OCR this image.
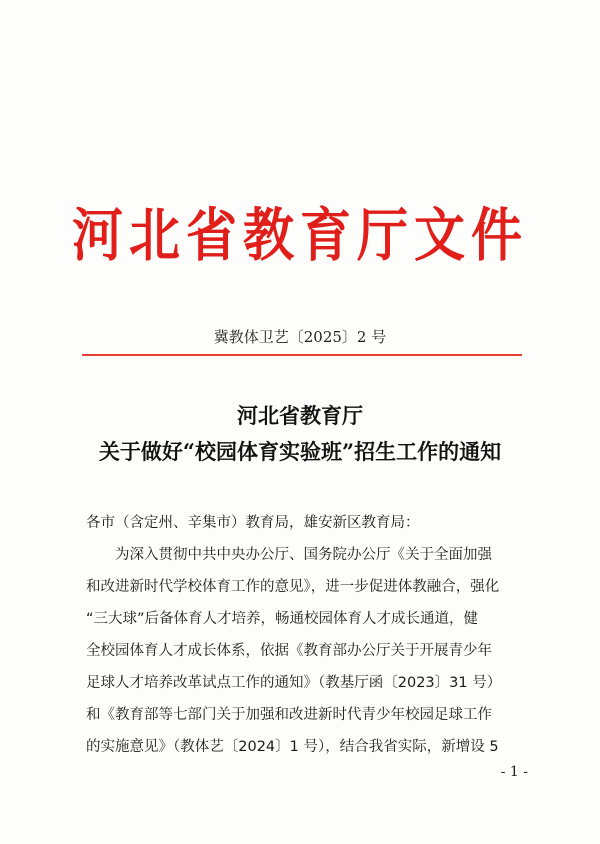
河北省教育厅文件
冀教体卫艺〔2025〕2 号
河北省教育厅
关于做好“校园体育实验班”招生工作的通知
各市（含定州、辛集市）教育局，雄安新区教育局：
为深入贯彻中共中央办公厅、国务院办公厅《关于全面加强
和改进新时代学校体育工作的意见》，进一步促进体教融合，强化
“三大球”后备体育人才培养，畅通校园体育人才成长通道，健
全校园体育人才成长体系，依据《教育部办公厅关于开展青少年
足球人才培养改革试点工作的通知》（教基厅函〔2023〕31 号）
和《教育部等七部门关于加强和改进新时代青少年校园足球工作
的实施意见》（教体艺〔2024〕1 号），结合我省实际，新增设 5
- 1 -
